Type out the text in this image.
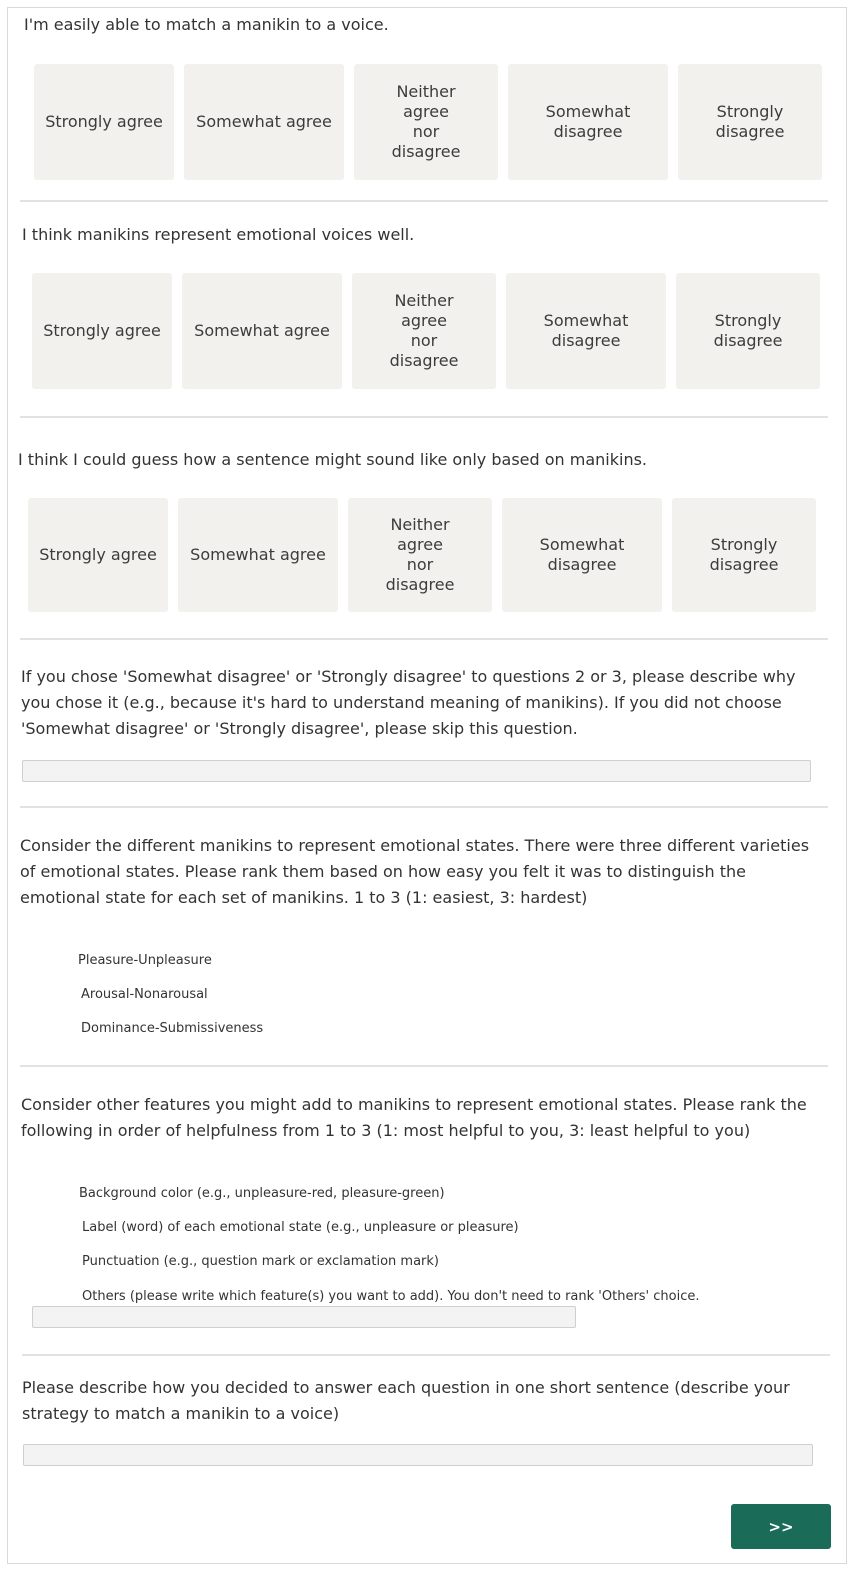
I'm easily able to match a manikin to a voice.
Strongly agree	Somewhat agree
Neither agree nor disagree
Somewhat disagree
Strongly disagree
I think manikins represent emotional voices well.
Strongly agree	Somewhat agree
Neither agree nor disagree
Somewhat disagree
Strongly disagree
I think I could guess how a sentence might sound like only based on manikins.
Strongly agree	Somewhat agree
Neither agree nor disagree
Somewhat disagree
Strongly disagree
If you chose 'Somewhat disagree' or 'Strongly disagree' to questions 2 or 3, please describe why you chose it (e.g., because it's hard to understand meaning of manikins). If you did not choose 'Somewhat disagree' or 'Strongly disagree', please skip this question.
Consider the different manikins to represent emotional states. There were three different varieties of emotional states. Please rank them based on how easy you felt it was to distinguish the emotional state for each set of manikins. 1 to 3 (1: easiest, 3: hardest)
Pleasure-Unpleasure
Arousal-Nonarousal
Dominance-Submissiveness
Consider other features you might add to manikins to represent emotional states. Please rank the following in order of helpfulness from 1 to 3 (1: most helpful to you, 3: least helpful to you)
Background color (e.g., unpleasure-red, pleasure-green)
Label (word) of each emotional state (e.g., unpleasure or pleasure)
Punctuation (e.g., question mark or exclamation mark)
Others (please write which feature(s) you want to add). You don't need to rank 'Others' choice.
Please describe how you decided to answer each question in one short sentence (describe your strategy to match a manikin to a voice)
>>
